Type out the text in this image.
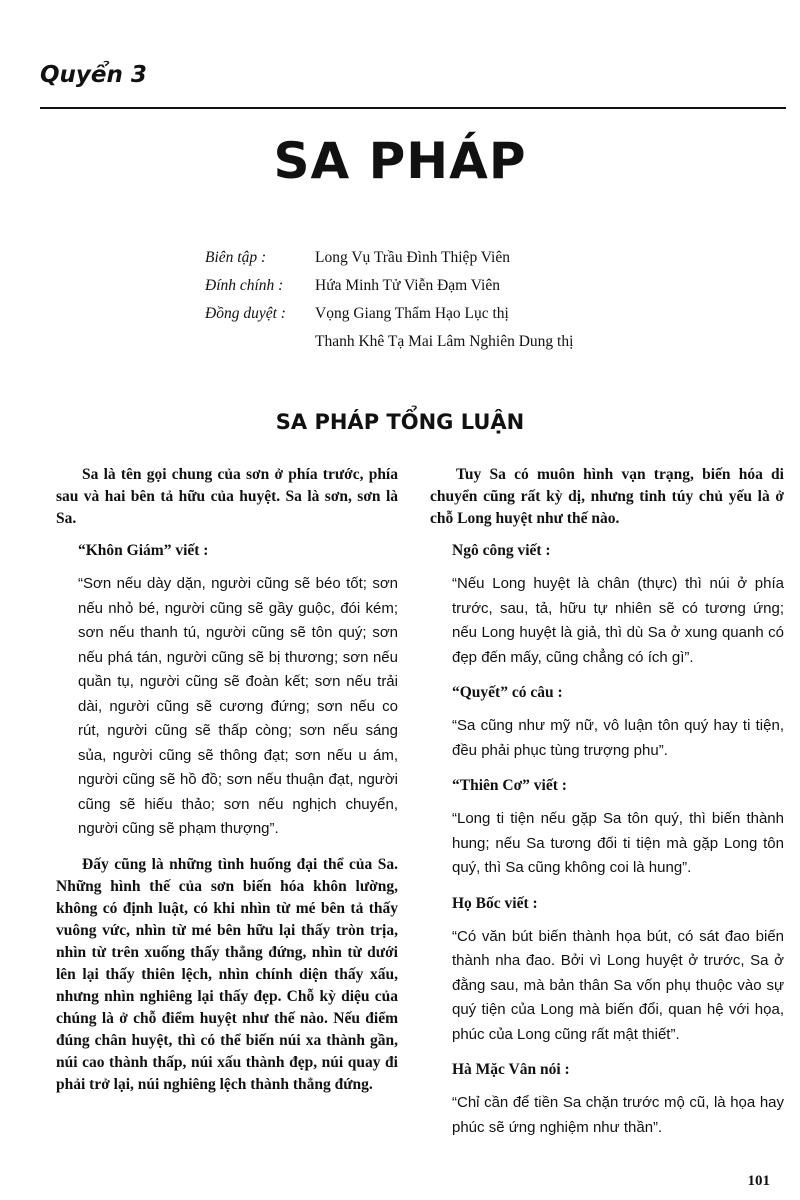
Quyển 3
SA PHÁP
Biên tập :	Long Vụ Trầu Đình Thiệp Viên
Đính chính :	Hứa Minh Tử Viễn Đạm Viên
Đồng duyệt :	Vọng Giang Thẩm Hạo Lục thị
Thanh Khê Tạ Mai Lâm Nghiên Dung thị
SA PHÁP TỔNG LUẬN

Sa là tên gọi chung của sơn ở phía trước, phía sau và hai bên tả hữu của huyệt. Sa là sơn, sơn là Sa.

“Khôn Giám” viết :

“Sơn nếu dày dặn, người cũng sẽ béo tốt; sơn nếu nhỏ bé, người cũng sẽ gầy guộc, đói kém; sơn nếu thanh tú, người cũng sẽ tôn quý; sơn nếu phá tán, người cũng sẽ bị thương; sơn nếu quần tụ, người cũng sẽ đoàn kết; sơn nếu trải dài, người cũng sẽ cương đứng; sơn nếu co rút, người cũng sẽ thấp còng; sơn nếu sáng sủa, người cũng sẽ thông đạt; sơn nếu u ám, người cũng sẽ hồ đồ; sơn nếu thuận đạt, người cũng sẽ hiếu thảo; sơn nếu nghịch chuyển, người cũng sẽ phạm thượng”.

Đấy cũng là những tình huống đại thể của Sa. Những hình thế của sơn biến hóa khôn lường, không có định luật, có khi nhìn từ mé bên tả thấy vuông vức, nhìn từ mé bên hữu lại thấy tròn trịa, nhìn từ trên xuống thấy thẳng đứng, nhìn từ dưới lên lại thấy thiên lệch, nhìn chính diện thấy xấu, nhưng nhìn nghiêng lại thấy đẹp. Chỗ kỳ diệu của chúng là ở chỗ điểm huyệt như thế nào. Nếu điểm đúng chân huyệt, thì có thể biến núi xa thành gần, núi cao thành thấp, núi xấu thành đẹp, núi quay đi phải trở lại, núi nghiêng lệch thành thẳng đứng.

Tuy Sa có muôn hình vạn trạng, biến hóa di chuyển cũng rất kỳ dị, nhưng tinh túy chủ yếu là ở chỗ Long huyệt như thế nào.

Ngô công viết :

“Nếu Long huyệt là chân (thực) thì núi ở phía trước, sau, tả, hữu tự nhiên sẽ có tương ứng; nếu Long huyệt là giả, thì dù Sa ở xung quanh có đẹp đến mấy, cũng chẳng có ích gì”.

“Quyết” có câu :

“Sa cũng như mỹ nữ, vô luận tôn quý hay ti tiện, đều phải phục tùng trượng phu”.

“Thiên Cơ” viết :

“Long ti tiện nếu gặp Sa tôn quý, thì biến thành hung; nếu Sa tương đối ti tiện mà gặp Long tôn quý, thì Sa cũng không coi là hung”.

Họ Bốc viết :

“Có văn bút biến thành họa bút, có sát đao biến thành nha đao. Bởi vì Long huyệt ở trước, Sa ở đằng sau, mà bản thân Sa vốn phụ thuộc vào sự quý tiện của Long mà biến đổi, quan hệ với họa, phúc của Long cũng rất mật thiết”.

Hà Mặc Vân nói :

“Chỉ cần để tiền Sa chặn trước mộ cũ, là họa hay phúc sẽ ứng nghiệm như thần”.

101
